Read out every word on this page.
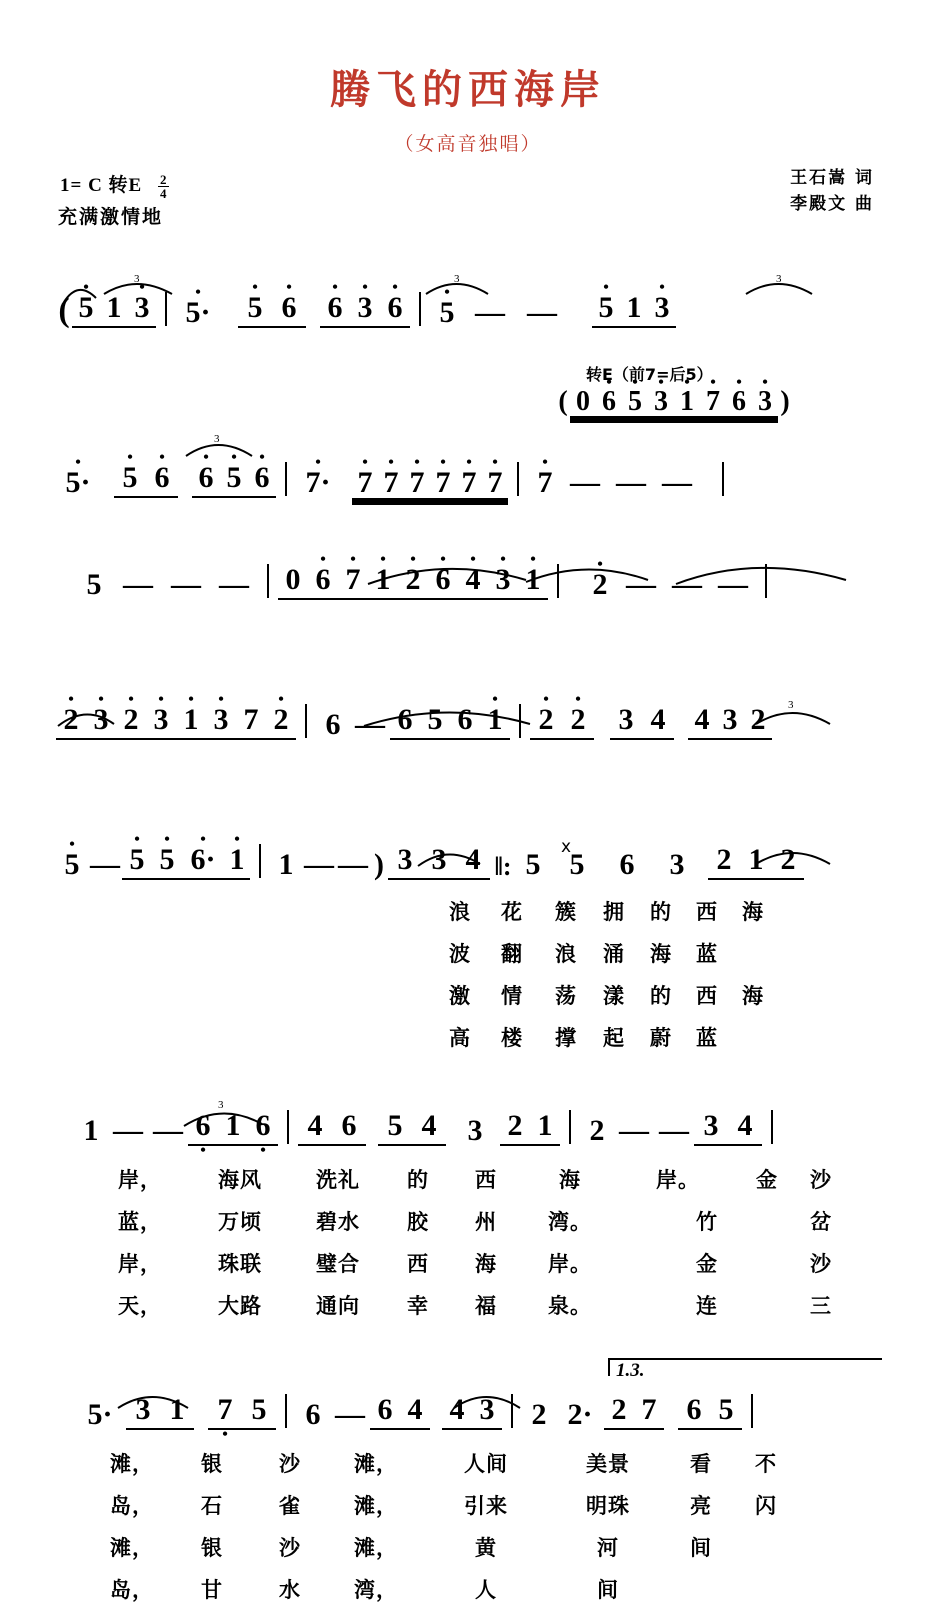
腾飞的西海岸
（女高音独唱）
1= C 转E $\frac{2}{4}$
充满激情地
王石嵩 词
李殿文 曲
3	3	3
( • 5 1 • 3	• 5·	• 5 • 6	• 6 • 3 • 6	• 5 — —	• 5 1 • 3
转E（前7=后5）
( 0 • 6 • 5 • 3 • 1 • 7 • 6 • 3 )
3
• 5·	• 5 • 6 • 6 • 5 • 6	• 7· • 7 • 7 • 7 • 7 • 7 • 7	• 7 — — —
5 — — —	0 • 6 • 7 • 1 • 2 • 6 • 4 • 3 • 1	• 2 — — —
3
• 2 • 3 • 2 • 3 • 1 • 3 7 • 2	6 — 6 5 6 • 1 • 2 • 2 3 4 4 3 2
x
• 5 — • 5 • 5 • 6· • 1 1 — — ) 3 3 4 ‖: 5 5	6	3	2 1 2
浪	花	簇	拥	的	西	海
波	翻	浪	涌	海	蓝
激	情	荡	漾	的	西	海
高	楼	撑	起	蔚	蓝
3
1 — — 6 • 1 6 •	4 6	5 4	3 2 1	2 — — 3 4
岸，	海风	洗礼	的	西	海	岸。	金	沙
蓝，	万顷	碧水	胶	州	湾。	竹	岔
岸，	珠联	璧合	西	海	岸。	金	沙
天，	大路	通向	幸	福	泉。	连	三
1.3.
5· 3 1	7 • 5	6 — 6 4 4 3	2 2· 2 7 6 5
滩，	银	沙	滩，	人间	美景	看	不
岛，	石	雀	滩，	引来	明珠	亮	闪
滩，	银	沙	滩，	黄	河	间
岛，	甘	水	湾，	人	间
